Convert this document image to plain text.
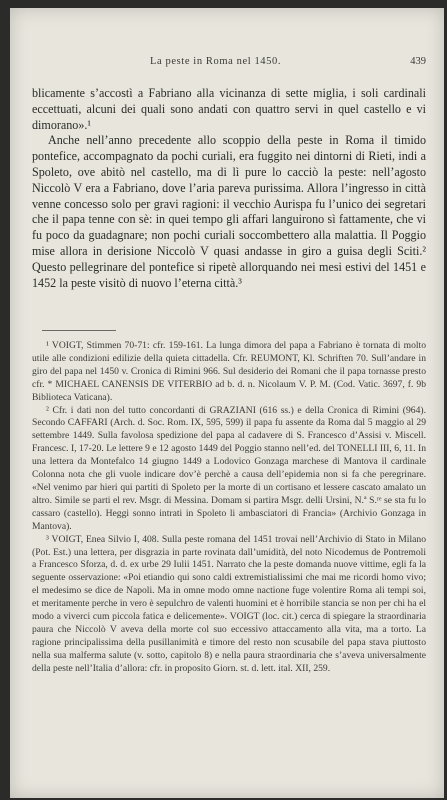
La peste in Roma nel 1450.	439

blicamente s’accostì a Fabriano alla vicinanza di sette miglia, i soli cardinali eccettuati, alcuni dei quali sono andati con quattro servi in quel castello e vi dimorano».¹

Anche nell’anno precedente allo scoppio della peste in Roma il timido pontefice, accompagnato da pochi curiali, era fuggito nei dintorni di Rieti, indi a Spoleto, ove abitò nel castello, ma di lì pure lo cacciò la peste: nell’agosto Niccolò V era a Fabriano, dove l’aria pareva purissima. Allora l’ingresso in città venne concesso solo per gravi ragioni: il vecchio Aurispa fu l’unico dei segretari che il papa tenne con sè: in quei tempo gli affari languirono sì fattamente, che vi fu poco da guadagnare; non pochi curiali soccombettero alla malattia. Il Poggio mise allora in derisione Niccolò V quasi andasse in giro a guisa degli Sciti.² Questo pellegrinare del pontefice si ripetè allorquando nei mesi estivi del 1451 e 1452 la peste visitò di nuovo l’eterna città.³

¹ VOIGT, Stimmen 70-71: cfr. 159-161. La lunga dimora del papa a Fabriano è tornata di molto utile alle condizioni edilizie della quieta cittadella. Cfr. REUMONT, Kl. Schriften 70. Sull’andare in giro del papa nel 1450 v. Cronica di Rimini 966. Sul desiderio dei Romani che il papa tornasse presto cfr. * MICHAEL CANENSIS DE VITERBIO ad b. d. n. Nicolaum V. P. M. (Cod. Vatic. 3697, f. 9b Biblioteca Vaticana).

² Cfr. i dati non del tutto concordanti di GRAZIANI (616 ss.) e della Cronica di Rimini (964). Secondo CAFFARI (Arch. d. Soc. Rom. IX, 595, 599) il papa fu assente da Roma dal 5 maggio al 29 settembre 1449. Sulla favolosa spedizione del papa al cadavere di S. Francesco d’Assisi v. Miscell. Francesc. I, 17-20. Le lettere 9 e 12 agosto 1449 del Poggio stanno nell’ed. del TONELLI III, 6, 11. In una lettera da Montefalco 14 giugno 1449 a Lodovico Gonzaga marchese di Mantova il cardinale Colonna nota che gli vuole indicare dov’è perchè a causa dell’epidemia non si fa che peregrinare. «Nel venimo par hieri qui partiti di Spoleto per la morte di un cortisano et lessere cascato amalato un altro. Simile se parti el rev. Msgr. di Messina. Domam si partira Msgr. delli Ursini, N.ª S.ʳᵉ se sta fu lo cassaro (castello). Heggi sonno intrati in Spoleto li ambasciatori di Francia» (Archivio Gonzaga in Mantova).

³ VOIGT, Enea Silvio I, 408. Sulla peste romana del 1451 trovai nell’Archivio di Stato in Milano (Pot. Est.) una lettera, per disgrazia in parte rovinata dall’umidità, del noto Nicodemus de Pontremoli a Francesco Sforza, d. d. ex urbe 29 Iulii 1451. Narrato che la peste domanda nuove vittime, egli fa la seguente osservazione: «Poi etiandio qui sono caldi extremistialissimi che mai me ricordi homo vivo; el medesimo se dice de Napoli. Ma in omne modo omne nactione fuge volentire Roma ali tempi soi, et meritamente perche in vero è sepulchro de valenti huomini et è horribile stancia se non per chi ha el modo a viverci cum piccola fatica e delicemente». VOIGT (loc. cit.) cerca di spiegare la straordinaria paura che Niccolò V aveva della morte col suo eccessivo attaccamento alla vita, ma a torto. La ragione principalissima della pusillanimità e timore del resto non scusabile del papa stava piuttosto nella sua malferma salute (v. sotto, capitolo 8) e nella paura straordinaria che s’aveva universalmente della peste nell’Italia d’allora: cfr. in proposito Giorn. st. d. lett. ital. XII, 259.
